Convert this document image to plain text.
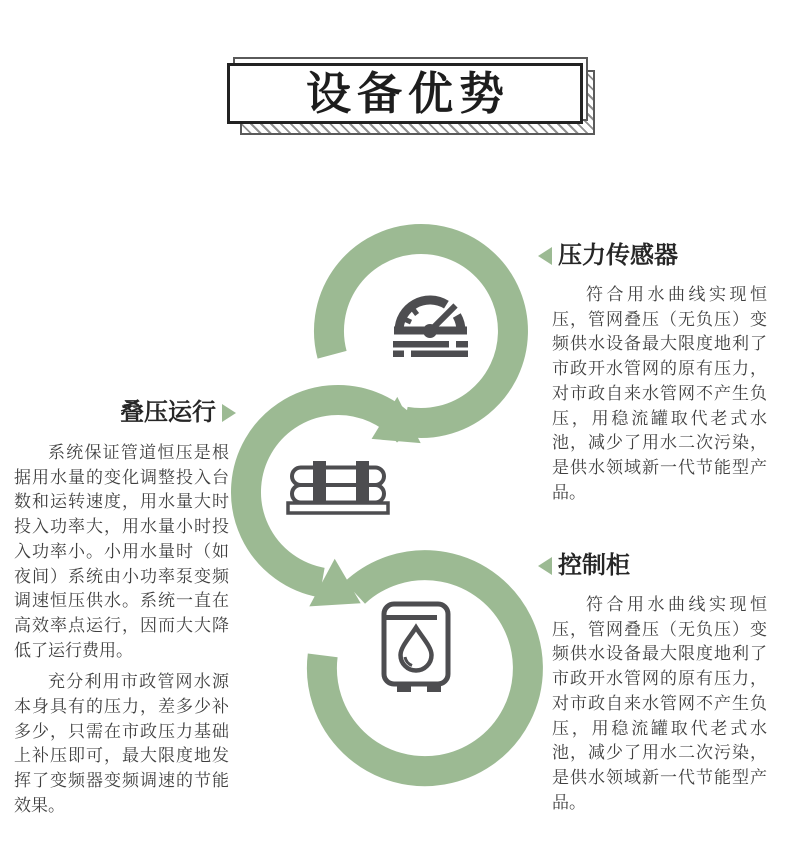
设备优势
压力传感器

符合用水曲线实现恒压，管网叠压（无负压）变频供水设备最大限度地利了市政开水管网的原有压力，对市政自来水管网不产生负压，用稳流罐取代老式水池，减少了用水二次污染，是供水领域新一代节能型产品。

叠压运行

系统保证管道恒压是根据用水量的变化调整投入台数和运转速度，用水量大时投入功率大，用水量小时投入功率小。小用水量时（如夜间）系统由小功率泵变频调速恒压供水。系统一直在高效率点运行，因而大大降低了运行费用。

充分利用市政管网水源本身具有的压力，差多少补多少，只需在市政压力基础上补压即可，最大限度地发挥了变频器变频调速的节能效果。

控制柜

符合用水曲线实现恒压，管网叠压（无负压）变频供水设备最大限度地利了市政开水管网的原有压力，对市政自来水管网不产生负压，用稳流罐取代老式水池，减少了用水二次污染，是供水领域新一代节能型产品。
